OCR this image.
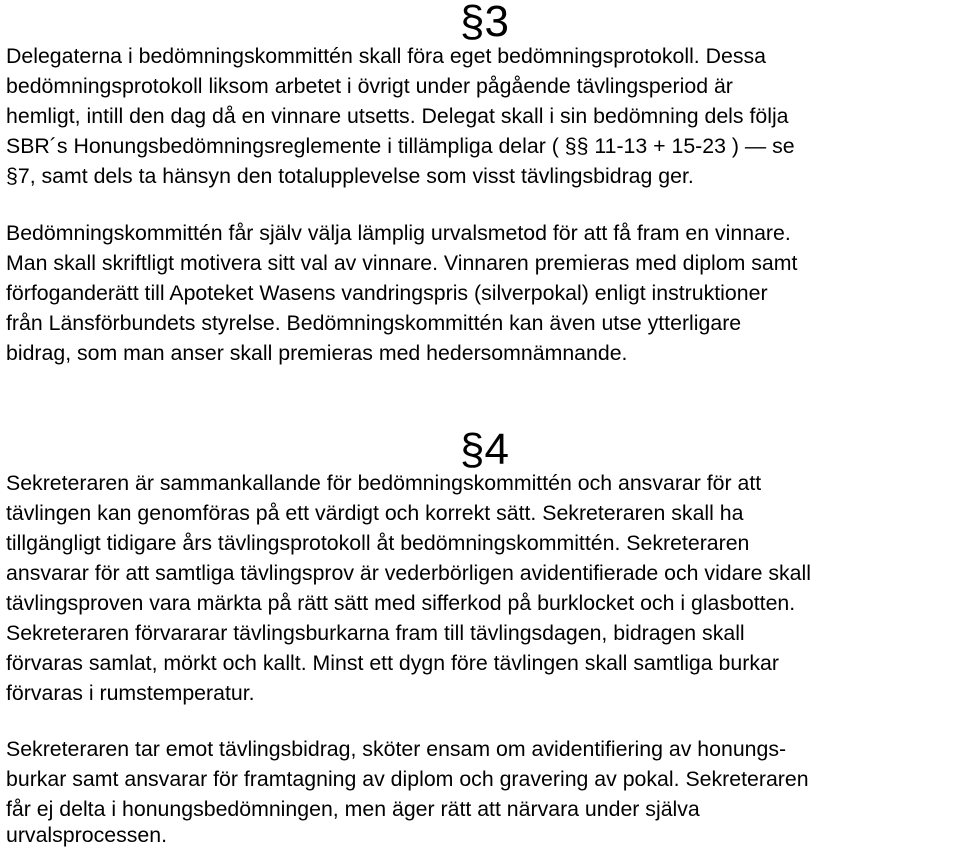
§3
Delegaterna i bedömningskommittén skall föra eget bedömningsprotokoll. Dessa
bedömningsprotokoll liksom arbetet i övrigt under pågående tävlingsperiod är
hemligt, intill den dag då en vinnare utsetts. Delegat skall i sin bedömning dels följa
SBR´s Honungsbedömningsreglemente i tillämpliga delar ( §§ 11-13 + 15-23 ) — se
§7, samt dels ta hänsyn den totalupplevelse som visst tävlingsbidrag ger.
Bedömningskommittén får själv välja lämplig urvalsmetod för att få fram en vinnare.
Man skall skriftligt motivera sitt val av vinnare. Vinnaren premieras med diplom samt
förfoganderätt till Apoteket Wasens vandringspris (silverpokal) enligt instruktioner
från Länsförbundets styrelse. Bedömningskommittén kan även utse ytterligare
bidrag, som man anser skall premieras med hedersomnämnande.
§4
Sekreteraren är sammankallande för bedömningskommittén och ansvarar för att
tävlingen kan genomföras på ett värdigt och korrekt sätt. Sekreteraren skall ha
tillgängligt tidigare års tävlingsprotokoll åt bedömningskommittén. Sekreteraren
ansvarar för att samtliga tävlingsprov är vederbörligen avidentifierade och vidare skall
tävlingsproven vara märkta på rätt sätt med sifferkod på burklocket och i glasbotten.
Sekreteraren förvararar tävlingsburkarna fram till tävlingsdagen, bidragen skall
förvaras samlat, mörkt och kallt. Minst ett dygn före tävlingen skall samtliga burkar
förvaras i rumstemperatur.
Sekreteraren tar emot tävlingsbidrag, sköter ensam om avidentifiering av honungs-
burkar samt ansvarar för framtagning av diplom och gravering av pokal. Sekreteraren
får ej delta i honungsbedömningen, men äger rätt att närvara under själva
urvalsprocessen.
